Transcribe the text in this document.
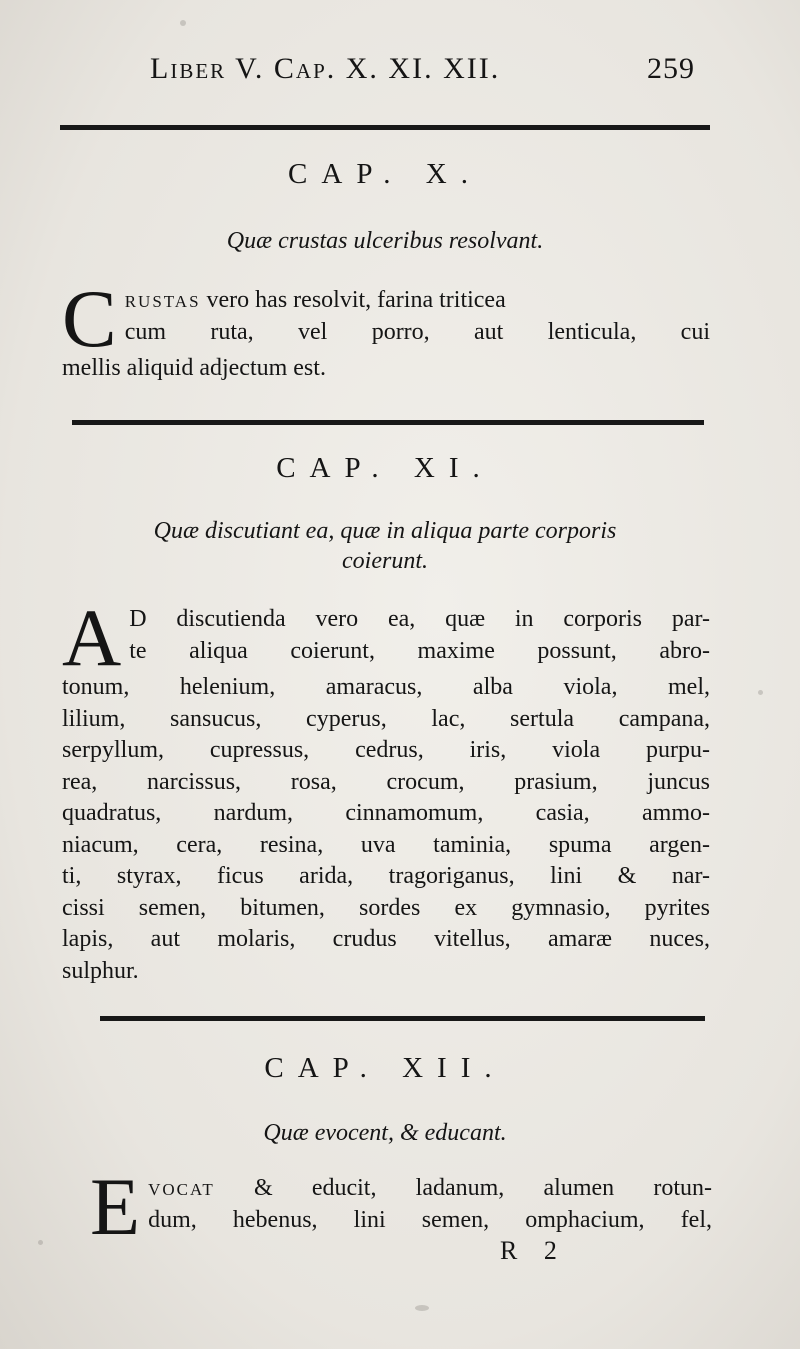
Liber V. Cap. X. XI. XII.	259
CAP. X.
Quæ crustas ulceribus resolvant.
C rustas vero has resolvit, farina triticea
cum ruta, vel porro, aut lenticula, cui
mellis aliquid adjectum est.
CAP. XI.
Quæ discutiant ea, quæ in aliqua parte corporis
coierunt.
A D discutienda vero ea, quæ in corporis par-
te aliqua coierunt, maxime possunt, abro-
tonum, helenium, amaracus, alba viola, mel,
lilium, sansucus, cyperus, lac, sertula campana,
serpyllum, cupressus, cedrus, iris, viola purpu-
rea, narcissus, rosa, crocum, prasium, juncus
quadratus, nardum, cinnamomum, casia, ammo-
niacum, cera, resina, uva taminia, spuma argen-
ti, styrax, ficus arida, tragoriganus, lini & nar-
cissi semen, bitumen, sordes ex gymnasio, pyrites
lapis, aut molaris, crudus vitellus, amaræ nuces,
sulphur.
CAP. XII.
Quæ evocent, & educant.
E vocat & educit, ladanum, alumen rotun-
dum, hebenus, lini semen, omphacium, fel,
R 2
